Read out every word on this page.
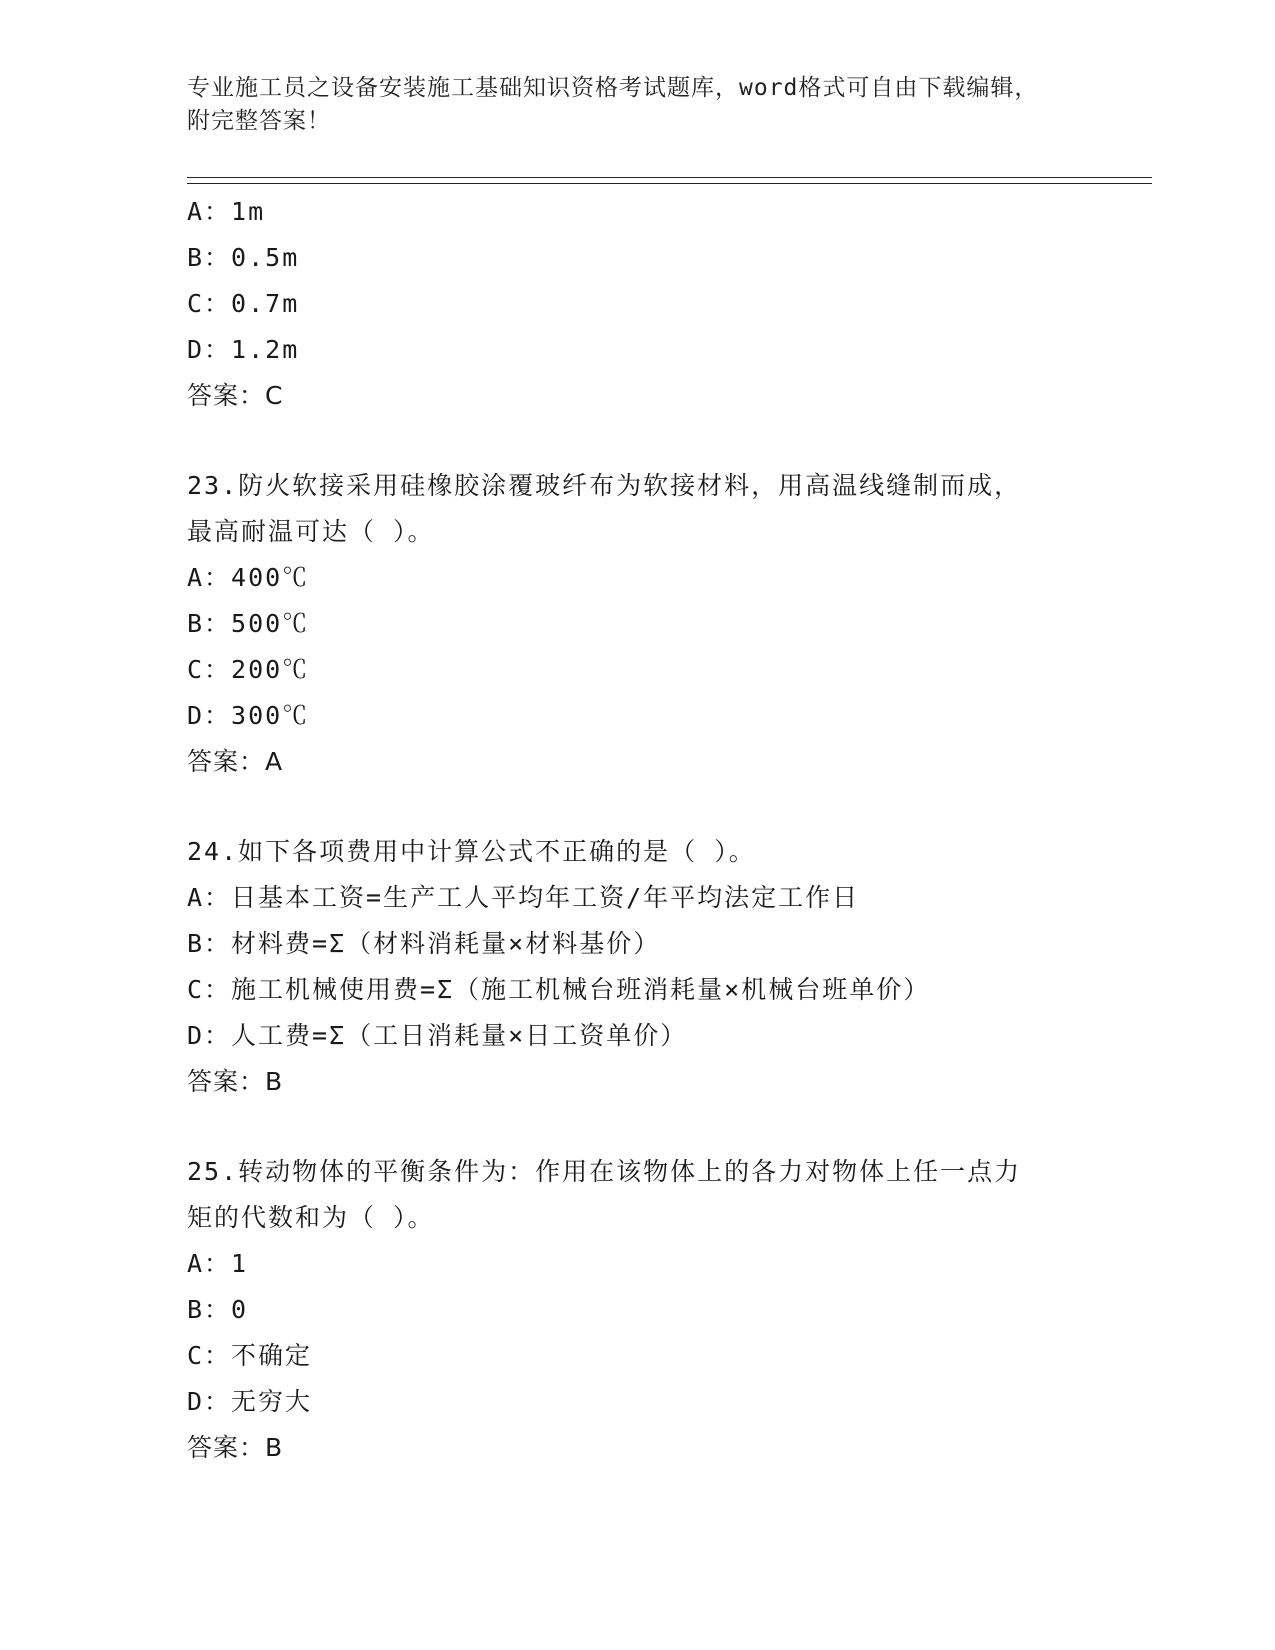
专业施工员之设备安装施工基础知识资格考试题库，word格式可自由下载编辑，
附完整答案！
A：1m
B：0.5m
C：0.7m
D：1.2m
答案：C
23.防火软接采用硅橡胶涂覆玻纤布为软接材料，用高温线缝制而成，
最高耐温可达（ ）。
A：400℃
B：500℃
C：200℃
D：300℃
答案：A
24.如下各项费用中计算公式不正确的是（ ）。
A：日基本工资=生产工人平均年工资/年平均法定工作日
B：材料费=Σ（材料消耗量×材料基价）
C：施工机械使用费=Σ（施工机械台班消耗量×机械台班单价）
D：人工费=Σ（工日消耗量×日工资单价）
答案：B
25.转动物体的平衡条件为：作用在该物体上的各力对物体上任一点力
矩的代数和为（ ）。
A：1
B：0
C：不确定
D：无穷大
答案：B
